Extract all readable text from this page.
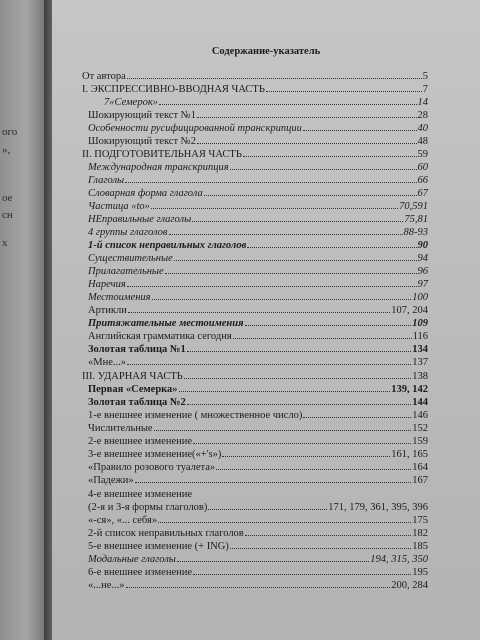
ого
»,
ое
сн
х
Содержание-указатель
От автора	5
I. ЭКСПРЕССИВНО-ВВОДНАЯ ЧАСТЬ	7
7«Семерок»	14
Шокирующий текст №1	28
Особенности русифицированной транскрипции	40
Шокирующий текст №2	48
II. ПОДГОТОВИТЕЛЬНАЯ ЧАСТЬ	59
Международная транскрипция	60
Глаголы	66
Словарная форма глагола	67
Частица «to»	70,591
НЕправильные глаголы	75,81
4 группы глаголов	88-93
1-й список неправильных глаголов	90
Существительные	94
Прилагательные	96
Наречия	97
Местоимения	100
Артикли	107, 204
Притяжательные местоимения	109
Английская грамматика сегодня	116
Золотая таблица №1	134
«Мне...»	137
III. УДАРНАЯ ЧАСТЬ	138
Первая «Семерка»	139, 142
Золотая таблица №2	144
1-е внешнее изменение ( множественное число)	146
Числительные	152
2-е внешнее изменение	159
3-е внешнее изменение(«+'s»)	161, 165
«Правило розового туалета»	164
«Падежи»	167
4-е внешнее изменение
(2-я и 3-я формы глаголов)	171, 179, 361, 395, 396
«-ся», «... себя»	175
2-й список неправильных глаголов	182
5-е внешнее изменение (+ ING)	185
Модальные глаголы	194, 315, 350
6-е внешнее изменение	195
«...не...»	200, 284
